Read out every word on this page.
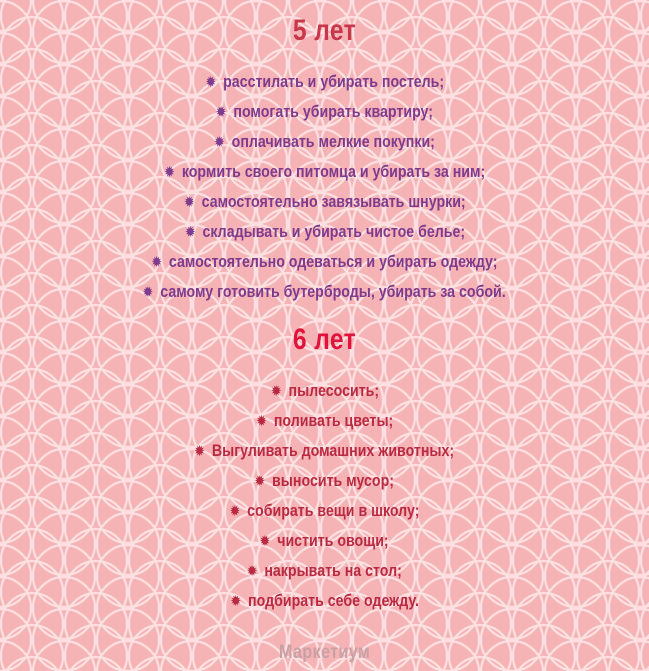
5 лет
✹ расстилать и убирать постель;
✹ помогать убирать квартиру;
✹ оплачивать мелкие покупки;
✹ кормить своего питомца и убирать за ним;
✹ самостоятельно завязывать шнурки;
✹ складывать и убирать чистое белье;
✹ самостоятельно одеваться и убирать одежду;
✹ самому готовить бутерброды, убирать за собой.
6 лет
✹ пылесосить;
✹ поливать цветы;
✹ Выгуливать домашних животных;
✹ выносить мусор;
✹ собирать вещи в школу;
✹ чистить овощи;
✹ накрывать на стол;
✹ подбирать себе одежду.
Маркетиум
